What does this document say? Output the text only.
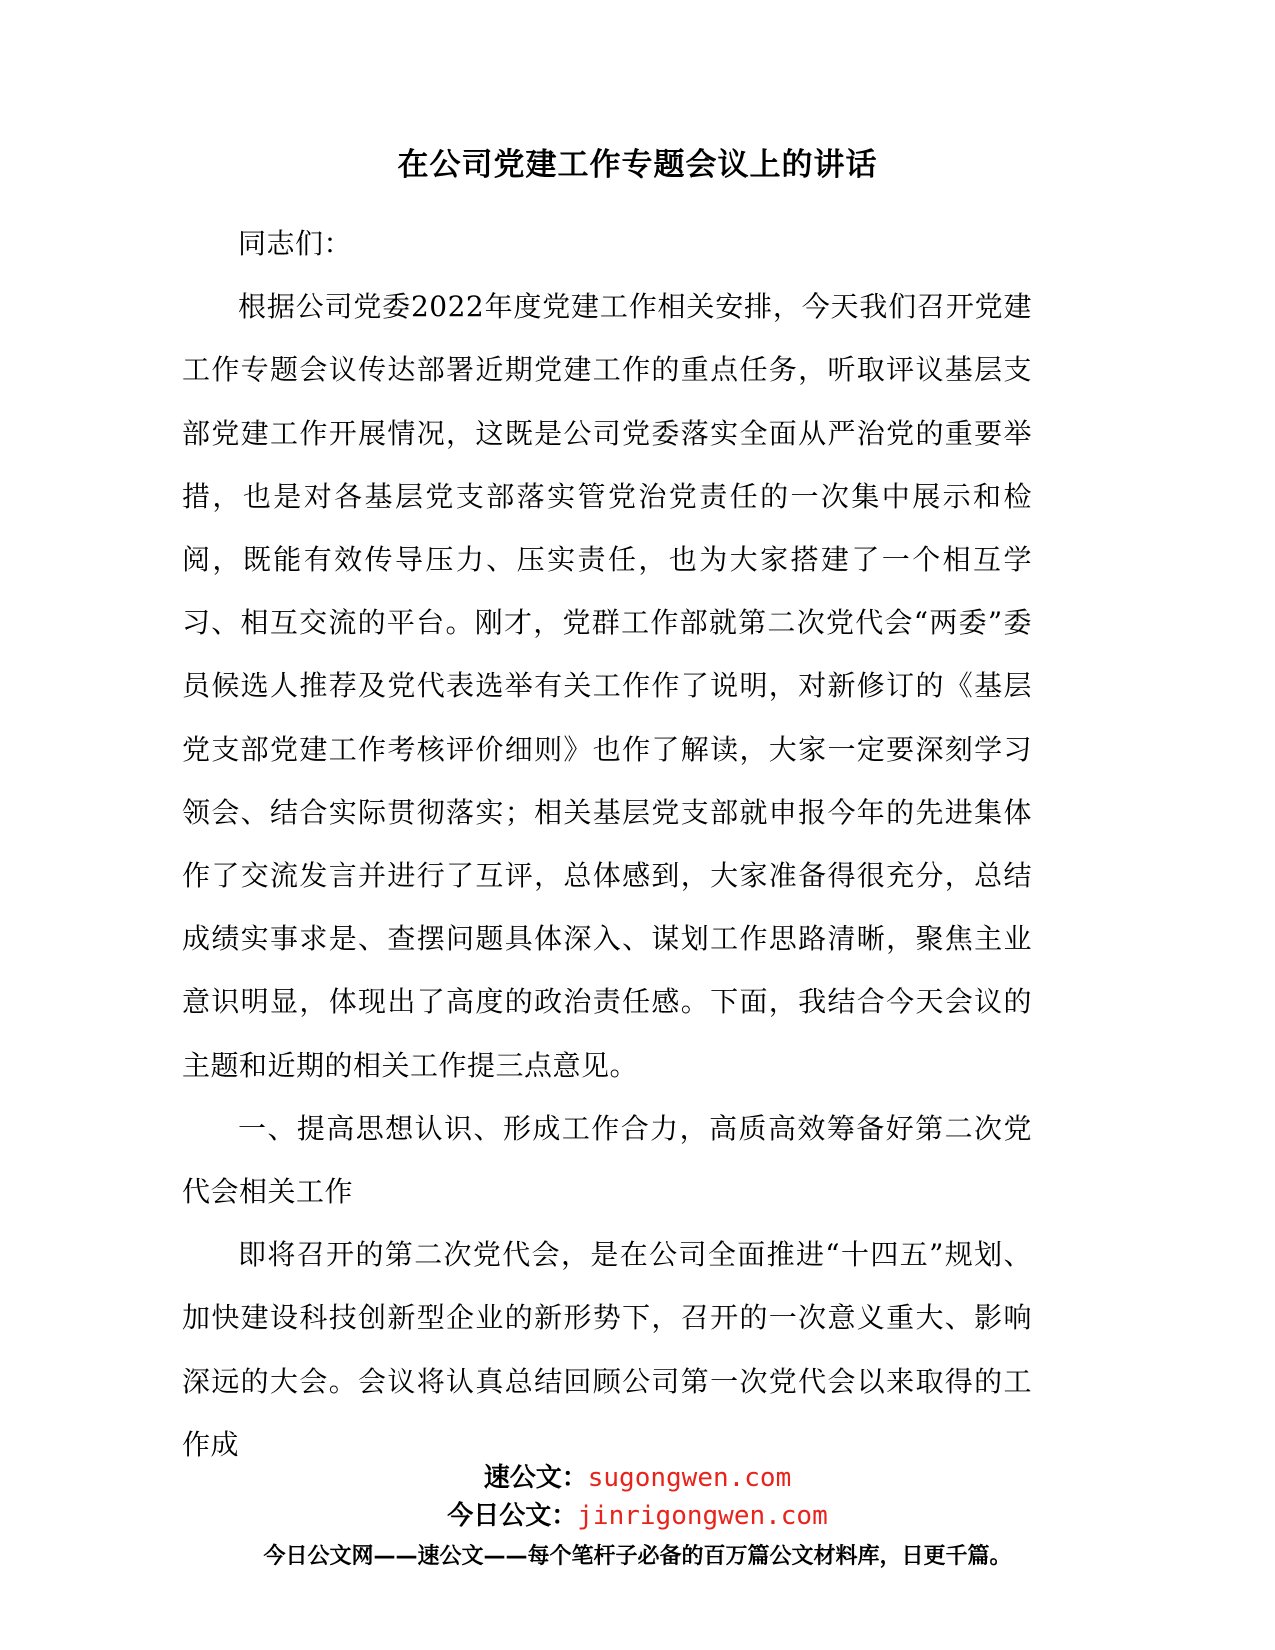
在公司党建工作专题会议上的讲话

同志们：

根据公司党委2022年度党建工作相关安排，今天我们召开党建工作专题会议传达部署近期党建工作的重点任务，听取评议基层支部党建工作开展情况，这既是公司党委落实全面从严治党的重要举措，也是对各基层党支部落实管党治党责任的一次集中展示和检阅，既能有效传导压力、压实责任，也为大家搭建了一个相互学习、相互交流的平台。刚才，党群工作部就第二次党代会“两委”委员候选人推荐及党代表选举有关工作作了说明，对新修订的《基层党支部党建工作考核评价细则》也作了解读，大家一定要深刻学习领会、结合实际贯彻落实；相关基层党支部就申报今年的先进集体作了交流发言并进行了互评，总体感到，大家准备得很充分，总结成绩实事求是、查摆问题具体深入、谋划工作思路清晰，聚焦主业意识明显，体现出了高度的政治责任感。下面，我结合今天会议的主题和近期的相关工作提三点意见。

一、提高思想认识、形成工作合力，高质高效筹备好第二次党代会相关工作

即将召开的第二次党代会，是在公司全面推进“十四五”规划、加快建设科技创新型企业的新形势下，召开的一次意义重大、影响深远的大会。会议将认真总结回顾公司第一次党代会以来取得的工作成

速公文：sugongwen.com
今日公文：jinrigongwen.com
今日公文网——速公文——每个笔杆子必备的百万篇公文材料库，日更千篇。
